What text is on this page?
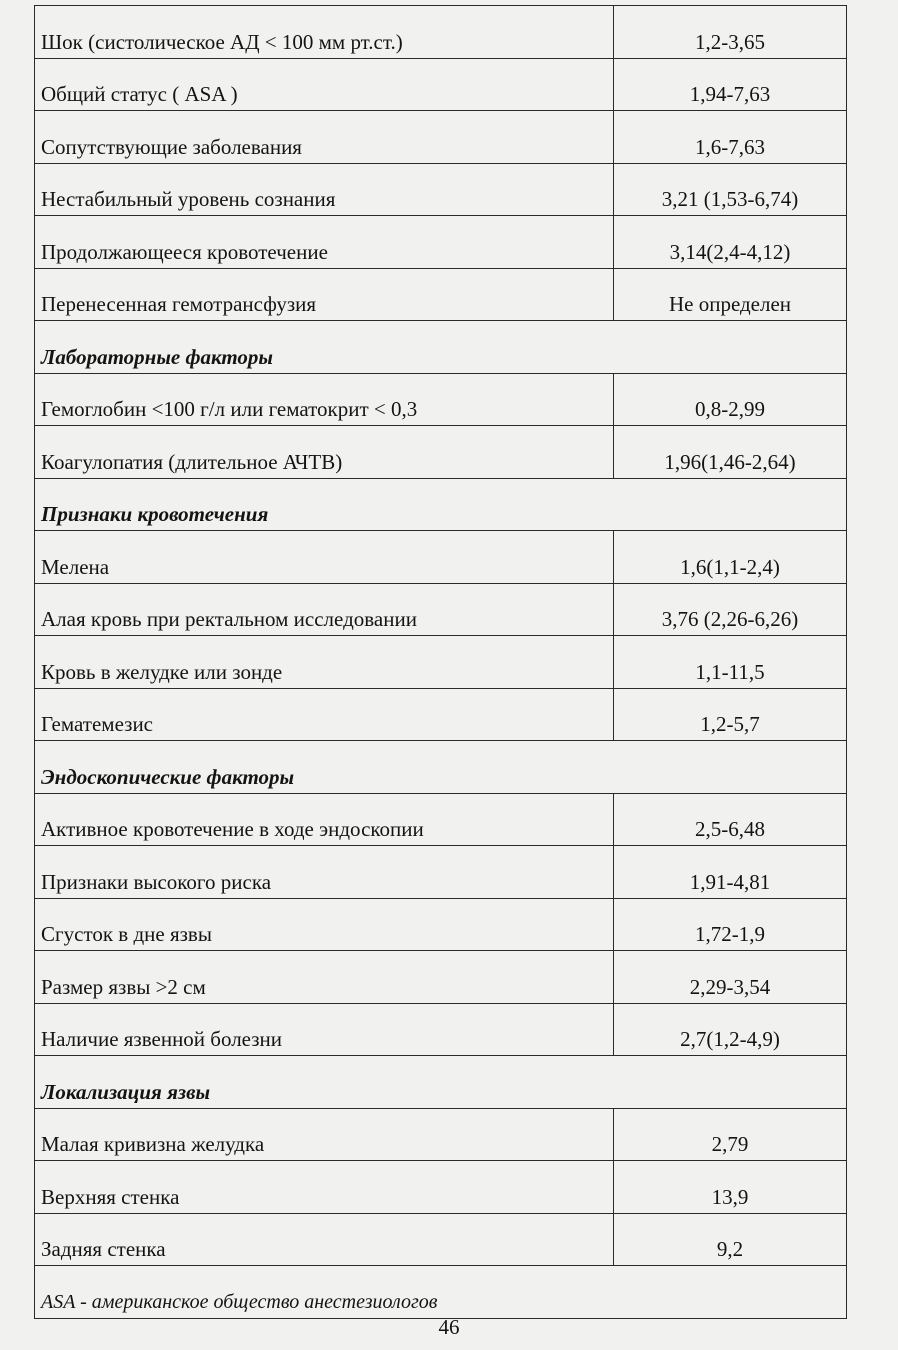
Шок (систолическое АД < 100 мм рт.ст.)	1,2-3,65
Общий статус ( ASA )	1,94-7,63
Сопутствующие заболевания	1,6-7,63
Нестабильный уровень сознания	3,21 (1,53-6,74)
Продолжающееся кровотечение	3,14(2,4-4,12)
Перенесенная гемотрансфузия	Не определен
Лабораторные факторы	
Гемоглобин <100 г/л или гематокрит < 0,3	0,8-2,99
Коагулопатия (длительное АЧТВ)	1,96(1,46-2,64)
Признаки кровотечения	
Мелена	1,6(1,1-2,4)
Алая кровь при ректальном исследовании	3,76 (2,26-6,26)
Кровь в желудке или зонде	1,1-11,5
Гематемезис	1,2-5,7
Эндоскопические факторы	
Активное кровотечение в ходе эндоскопии	2,5-6,48
Признаки высокого риска	1,91-4,81
Сгусток в дне язвы	1,72-1,9
Размер язвы >2 см	2,29-3,54
Наличие язвенной болезни	2,7(1,2-4,9)
Локализация язвы	
Малая кривизна желудка	2,79
Верхняя стенка	13,9
Задняя стенка	9,2
ASA - американское общество анестезиологов	
46
